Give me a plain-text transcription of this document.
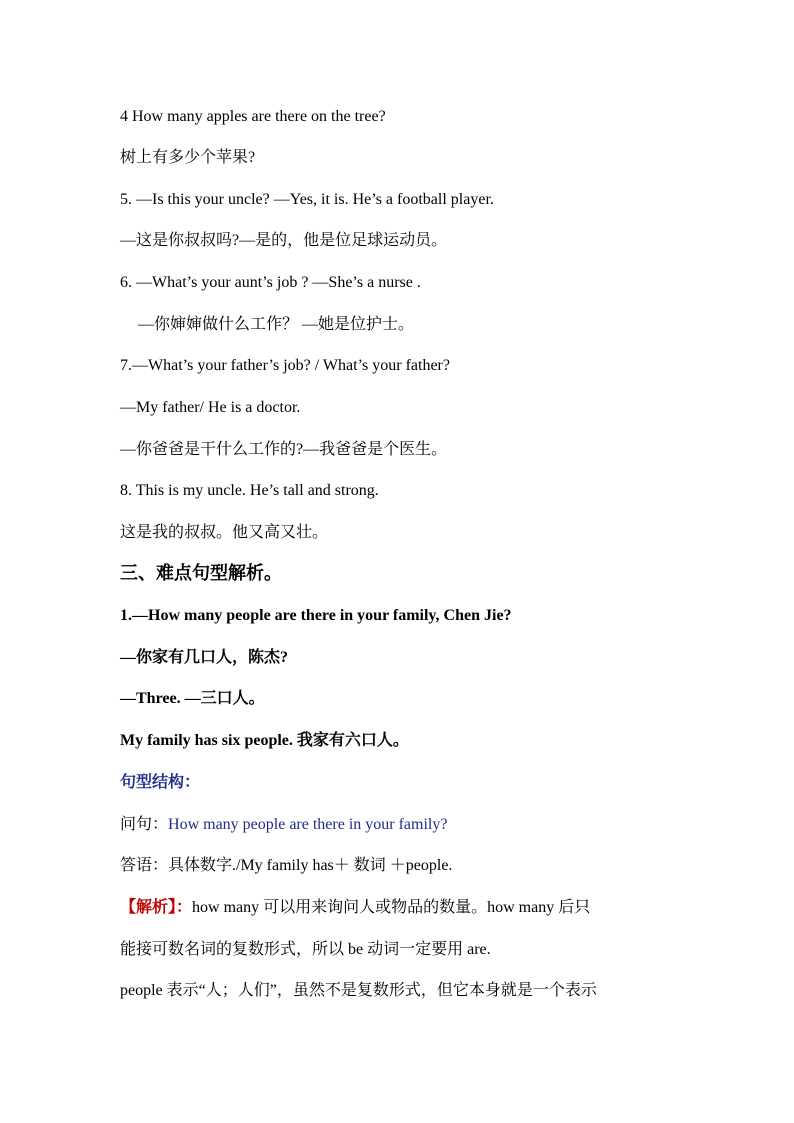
4 How many apples are there on the tree?
树上有多少个苹果?
5. —Is this your uncle? —Yes, it is. He’s a football player.
—这是你叔叔吗?—是的，他是位足球运动员。
6. —What’s your aunt’s job ? —She’s a nurse .
—你婶婶做什么工作？ —她是位护士。
7.—What’s your father’s job? / What’s your father?
—My father/ He is a doctor.
—你爸爸是干什么工作的?—我爸爸是个医生。
8. This is my uncle. He’s tall and strong.
这是我的叔叔。他又高又壮。
三、难点句型解析。
1.—How many people are there in your family, Chen Jie?
—你家有几口人，陈杰?
—Three. —三口人。
My family has six people. 我家有六口人。
句型结构：
问句：How many people are there in your family?
答语：具体数字./My family has＋ 数词 ＋people.
【解析】：how many 可以用来询问人或物品的数量。how many 后只
能接可数名词的复数形式，所以 be 动词一定要用 are.
people 表示“人；人们”，虽然不是复数形式，但它本身就是一个表示
